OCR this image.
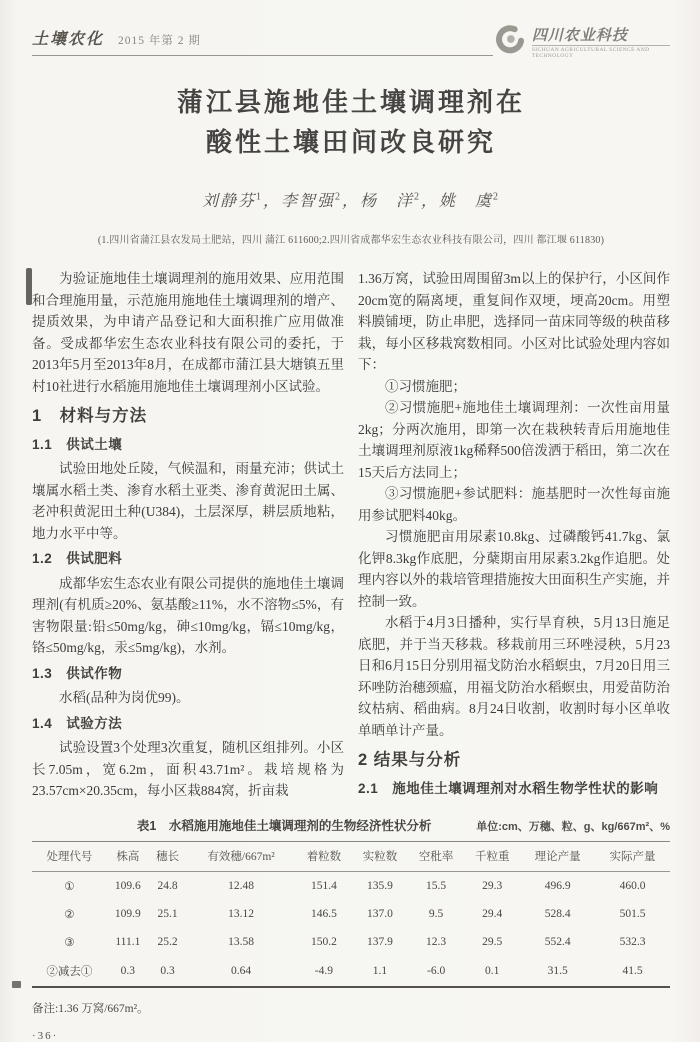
土壤农化 2015 年第 2 期	四川农业科技
SICHUAN AGRICULTURAL SCIENCE AND TECHNOLOGY
蒲江县施地佳土壤调理剂在
酸性土壤田间改良研究
刘静芬$^1$，李智强$^2$，杨　洋$^2$，姚　虞$^2$
(1.四川省蒲江县农发局土肥站，四川 蒲江 611600;2.四川省成都华宏生态农业科技有限公司，四川 都江堰 611830)

为验证施地佳土壤调理剂的施用效果、应用范围和合理施用量，示范施用施地佳土壤调理剂的增产、提质效果，为申请产品登记和大面积推广应用做准备。受成都华宏生态农业科技有限公司的委托，于2013年5月至2013年8月，在成都市蒲江县大塘镇五里村10社进行水稻施用施地佳土壤调理剂小区试验。

1　材料与方法
1.1　供试土壤

试验田地处丘陵，气候温和，雨量充沛；供试土壤属水稻土类、渗育水稻土亚类、渗育黄泥田土属、老冲积黄泥田土种(U384)，土层深厚，耕层质地粘，地力水平中等。

1.2　供试肥料

成都华宏生态农业有限公司提供的施地佳土壤调理剂(有机质≥20%、氨基酸≥11%，水不溶物≤5%，有害物限量:铅≤50mg/kg，砷≤10mg/kg，镉≤10mg/kg，铬≤50mg/kg，汞≤5mg/kg)，水剂。

1.3　供试作物

水稻(品种为岗优99)。

1.4　试验方法

试验设置3个处理3次重复，随机区组排列。小区长7.05m，宽6.2m，面积43.71m²。栽培规格为23.57cm×20.35cm，每小区栽884窝，折亩栽

1.36万窝，试验田周围留3m以上的保护行，小区间作20cm宽的隔离埂，重复间作双埂，埂高20cm。用塑料膜铺埂，防止串肥，选择同一苗床同等级的秧苗移栽，每小区移栽窝数相同。小区对比试验处理内容如下：

①习惯施肥；

②习惯施肥+施地佳土壤调理剂：一次性亩用量2kg；分两次施用，即第一次在栽秧转青后用施地佳土壤调理剂原液1kg稀释500倍泼洒于稻田，第二次在15天后方法同上；

③习惯施肥+参试肥料：施基肥时一次性每亩施用参试肥料40kg。

习惯施肥亩用尿素10.8kg、过磷酸钙41.7kg、氯化钾8.3kg作底肥，分蘖期亩用尿素3.2kg作追肥。处理内容以外的栽培管理措施按大田面积生产实施，并控制一致。

水稻于4月3日播种，实行旱育秧，5月13日施足底肥，并于当天移栽。移栽前用三环唑浸秧，5月23日和6月15日分别用福戈防治水稻螟虫，7月20日用三环唑防治穗颈瘟，用福戈防治水稻螟虫，用爱苗防治纹枯病、稻曲病。8月24日收割，收割时每小区单收单晒单计产量。

2 结果与分析
2.1　施地佳土壤调理剂对水稻生物学性状的影响
表1　水稻施用施地佳土壤调理剂的生物经济性状分析	单位:cm、万穗、粒、g、kg/667m²、%
处理代号	株高	穗长	有效穗/667m²	着粒数	实粒数	空秕率	千粒重	理论产量	实际产量
①	109.6	24.8	12.48	151.4	135.9	15.5	29.3	496.9	460.0
②	109.9	25.1	13.12	146.5	137.0	9.5	29.4	528.4	501.5
③	111.1	25.2	13.58	150.2	137.9	12.3	29.5	552.4	532.3
②减去①	0.3	0.3	0.64	-4.9	1.1	-6.0	0.1	31.5	41.5
备注:1.36 万窝/667m²。
·36·
